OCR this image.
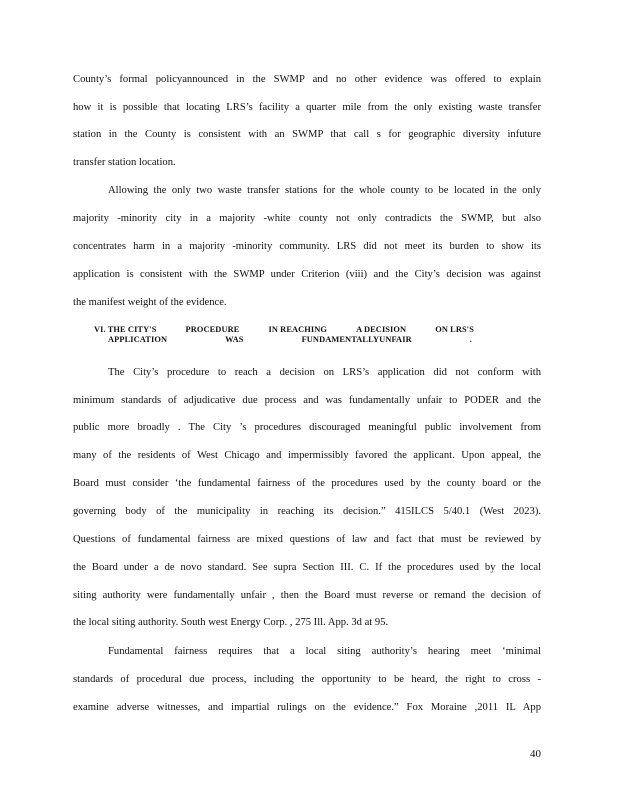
County’s formal policyannounced in the SWMP and no other evidence was offered to explain
how it is possible that locating LRS’s facility a quarter mile from the only existing waste transfer
station in the County is consistent with an SWMP that call s for geographic diversity infuture
transfer station location.
Allowing the only two waste transfer stations for the whole county to be located in the only
majority -minority city in a majority -white county not only contradicts the SWMP, but also
concentrates harm in a majority -minority community. LRS did not meet its burden to show its
application is consistent with the SWMP under Criterion (viii) and the City’s decision was against
the manifest weight of the evidence.
VI. THE CITY'S	PROCEDURE	IN REACHING	A DECISION	ON LRS'S
APPLICATION	WAS	FUNDAMENTALLYUNFAIR	.
The City’s procedure to reach a decision on LRS’s application did not conform with
minimum standards of adjudicative due process and was fundamentally unfair to PODER and the
public more broadly . The City ’s procedures discouraged meaningful public involvement from
many of the residents of West Chicago and impermissibly favored the applicant. Upon appeal, the
Board must consider ‘the fundamental fairness of the procedures used by the county board or the
governing body of the municipality in reaching its decision.” 415ILCS 5/40.1 (West 2023).
Questions of fundamental fairness are mixed questions of law and fact that must be reviewed by
the Board under a de novo standard. See supra Section III. C. If the procedures used by the local
siting authority were fundamentally unfair , then the Board must reverse or remand the decision of
the local siting authority. South west Energy Corp. , 275 Ill. App. 3d at 95.
Fundamental fairness requires that a local siting authority’s hearing meet ‘minimal
standards of procedural due process, including the opportunity to be heard, the right to cross -
examine adverse witnesses, and impartial rulings on the evidence.” Fox Moraine ,2011 IL App
40
